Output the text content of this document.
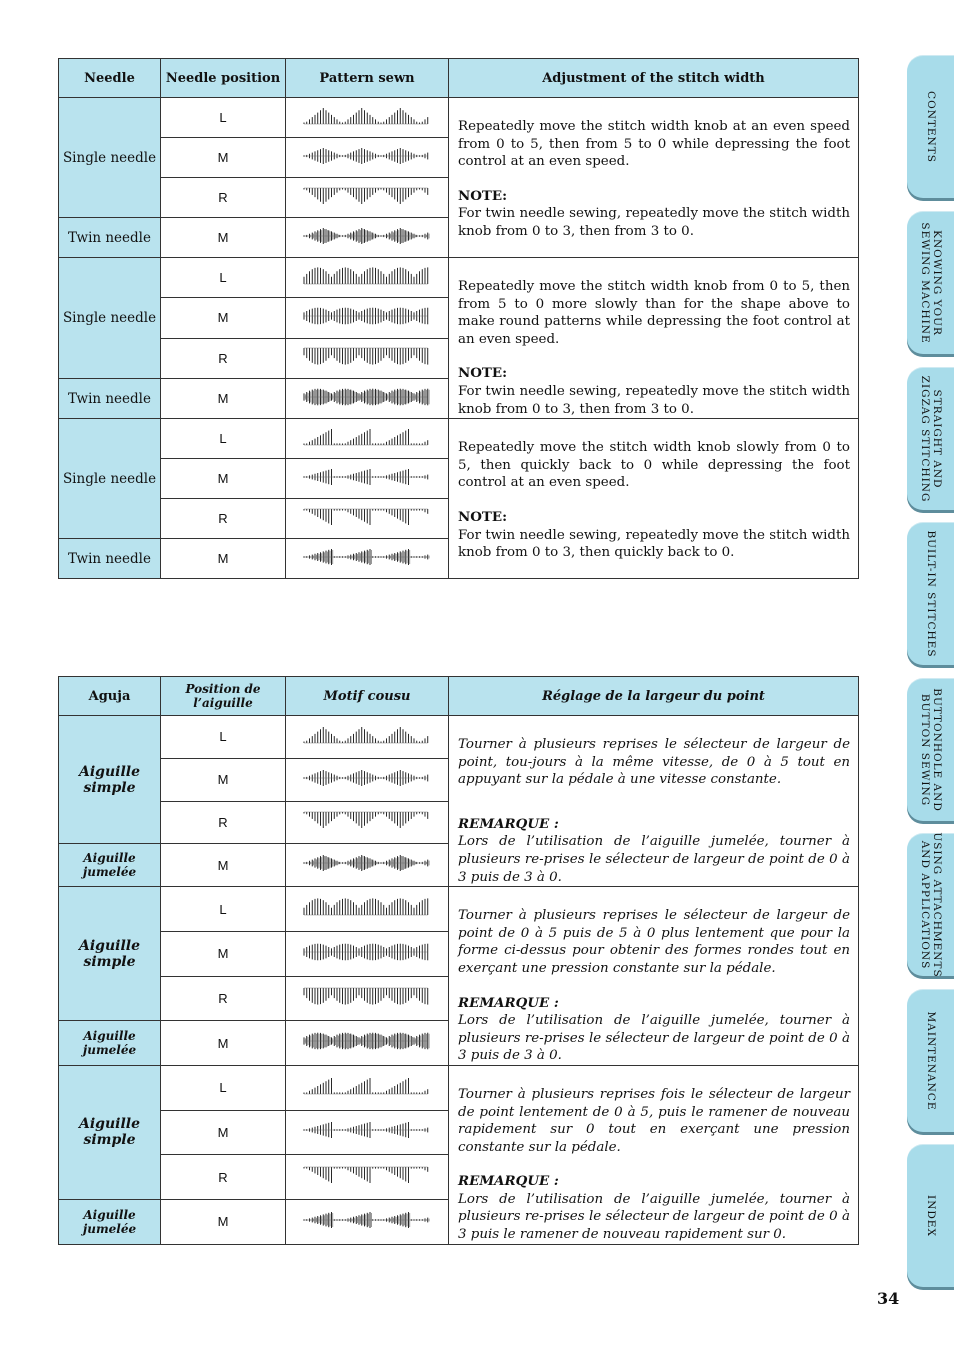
Needle	Needle position	Pattern sewn	Adjustment of the stitch width
Single needle	L		Repeatedly move the stitch width knob at an even speed from 0 to 5, then from 5 to 0 while depressing the foot control at an even speed.

NOTE:

For twin needle sewing, repeatedly move the stitch width knob from 0 to 3, then from 3 to 0.

	M	
	R	
Twin needle	M	
Single needle	L		Repeatedly move the stitch width knob from 0 to 5, then from 5 to 0 more slowly than for the shape above to make round patterns while depressing the foot control at an even speed.

NOTE:

For twin needle sewing, repeatedly move the stitch width knob from 0 to 3, then from 3 to 0.

	M	
	R	
Twin needle	M	
Single needle	L		Repeatedly move the stitch width knob slowly from 0 to 5, then quickly back to 0 while depressing the foot control at an even speed.

NOTE:

For twin needle sewing, repeatedly move the stitch width knob from 0 to 3, then quickly back to 0.

	M	
	R	
Twin needle	M	
Aguja	Position de l’aiguille	Motif cousu	Réglage de la largeur du point
Aiguille simple	L		Tourner à plusieurs reprises le sélecteur de largeur de point, tou-jours à la même vitesse, de 0 à 5 tout en appuyant sur la pédale à une vitesse constante.

REMARQUE :

Lors de l’utilisation de l’aiguille jumelée, tourner à plusieurs re-prises le sélecteur de largeur de point de 0 à 3 puis de 3 à 0.

	M	
	R	
Aiguille jumelée	M	
Aiguille simple	L		Tourner à plusieurs reprises le sélecteur de largeur de point de 0 à 5 puis de 5 à 0 plus lentement que pour la forme ci-dessus pour obtenir des formes rondes tout en exerçant une pression constante sur la pédale.

REMARQUE :

Lors de l’utilisation de l’aiguille jumelée, tourner à plusieurs re-prises le sélecteur de largeur de point de 0 à 3 puis de 3 à 0.

	M	
	R	
Aiguille jumelée	M	
Aiguille simple	L		Tourner à plusieurs reprises fois le sélecteur de largeur de point lentement de 0 à 5, puis le ramener de nouveau rapidement sur 0 tout en exerçant une pression constante sur la pédale.

REMARQUE :

Lors de l’utilisation de l’aiguille jumelée, tourner à plusieurs re-prises le sélecteur de largeur de point de 0 à 3 puis le ramener de nouveau rapidement sur 0.

	M	
	R	
Aiguille jumelée	M	
CONTENTS
KNOWING YOUR
SEWING MACHINE
STRAIGHT AND
ZIGZAG STITCHING
BUILT-IN STITCHES
BUTTONHOLE AND
BUTTON SEWING
USING ATTACHMENTS
AND APPLICATIONS
MAINTENANCE
INDEX
34
